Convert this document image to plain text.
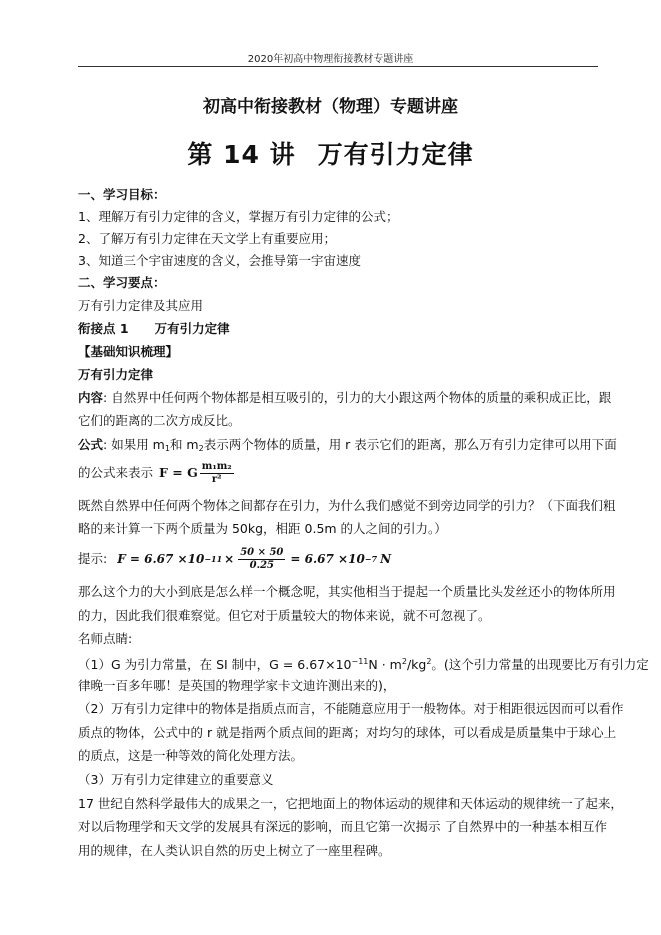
2020年初高中物理衔接教材专题讲座
初高中衔接教材（物理）专题讲座
第 14 讲 万有引力定律
一、学习目标：
1、理解万有引力定律的含义，掌握万有引力定律的公式；
2、了解万有引力定律在天文学上有重要应用；
3、知道三个宇宙速度的含义，会推导第一宇宙速度
二、学习要点：
万有引力定律及其应用
衔接点 1 万有引力定律
【基础知识梳理】
万有引力定律
内容: 自然界中任何两个物体都是相互吸引的，引力的大小跟这两个物体的质量的乘积成正比，跟
它们的距离的二次方成反比。
公式: 如果用 $m_1$和 $m_2$表示两个物体的质量，用 r 表示它们的距离，那么万有引力定律可以用下面
的公式来表示 F = G $\frac{\text{m₁m₂}}{\text{r²}}$
既然自然界中任何两个物体之间都存在引力，为什么我们感觉不到旁边同学的引力？（下面我们粗
略的来计算一下两个质量为 50kg，相距 0.5m 的人之间的引力。）
提示: $F = 6.67 \times 10 -11 \times \frac{50 \times 50}{0.25} = 6.67 \times 10 -7$ N
那么这个力的大小到底是怎么样一个概念呢，其实他相当于提起一个质量比头发丝还小的物体所用
的力，因此我们很难察觉。但它对于质量较大的物体来说，就不可忽视了。
名师点睛:
（1）G 为引力常量，在 SI 制中，$G = 6.67\times 10^{-11}N \cdot m^2/kg^2$。(这个引力常量的出现要比万有引力定
律晚一百多年哪！是英国的物理学家卡文迪许测出来的)，
（2）万有引力定律中的物体是指质点而言，不能随意应用于一般物体。对于相距很远因而可以看作
质点的物体，公式中的 r 就是指两个质点间的距离；对均匀的球体，可以看成是质量集中于球心上
的质点，这是一种等效的简化处理方法。
（3）万有引力定律建立的重要意义
17 世纪自然科学最伟大的成果之一，它把地面上的物体运动的规律和天体运动的规律统一了起来，
对以后物理学和天文学的发展具有深远的影响，而且它第一次揭示 了自然界中的一种基本相互作
用的规律，在人类认识自然的历史上树立了一座里程碑。
